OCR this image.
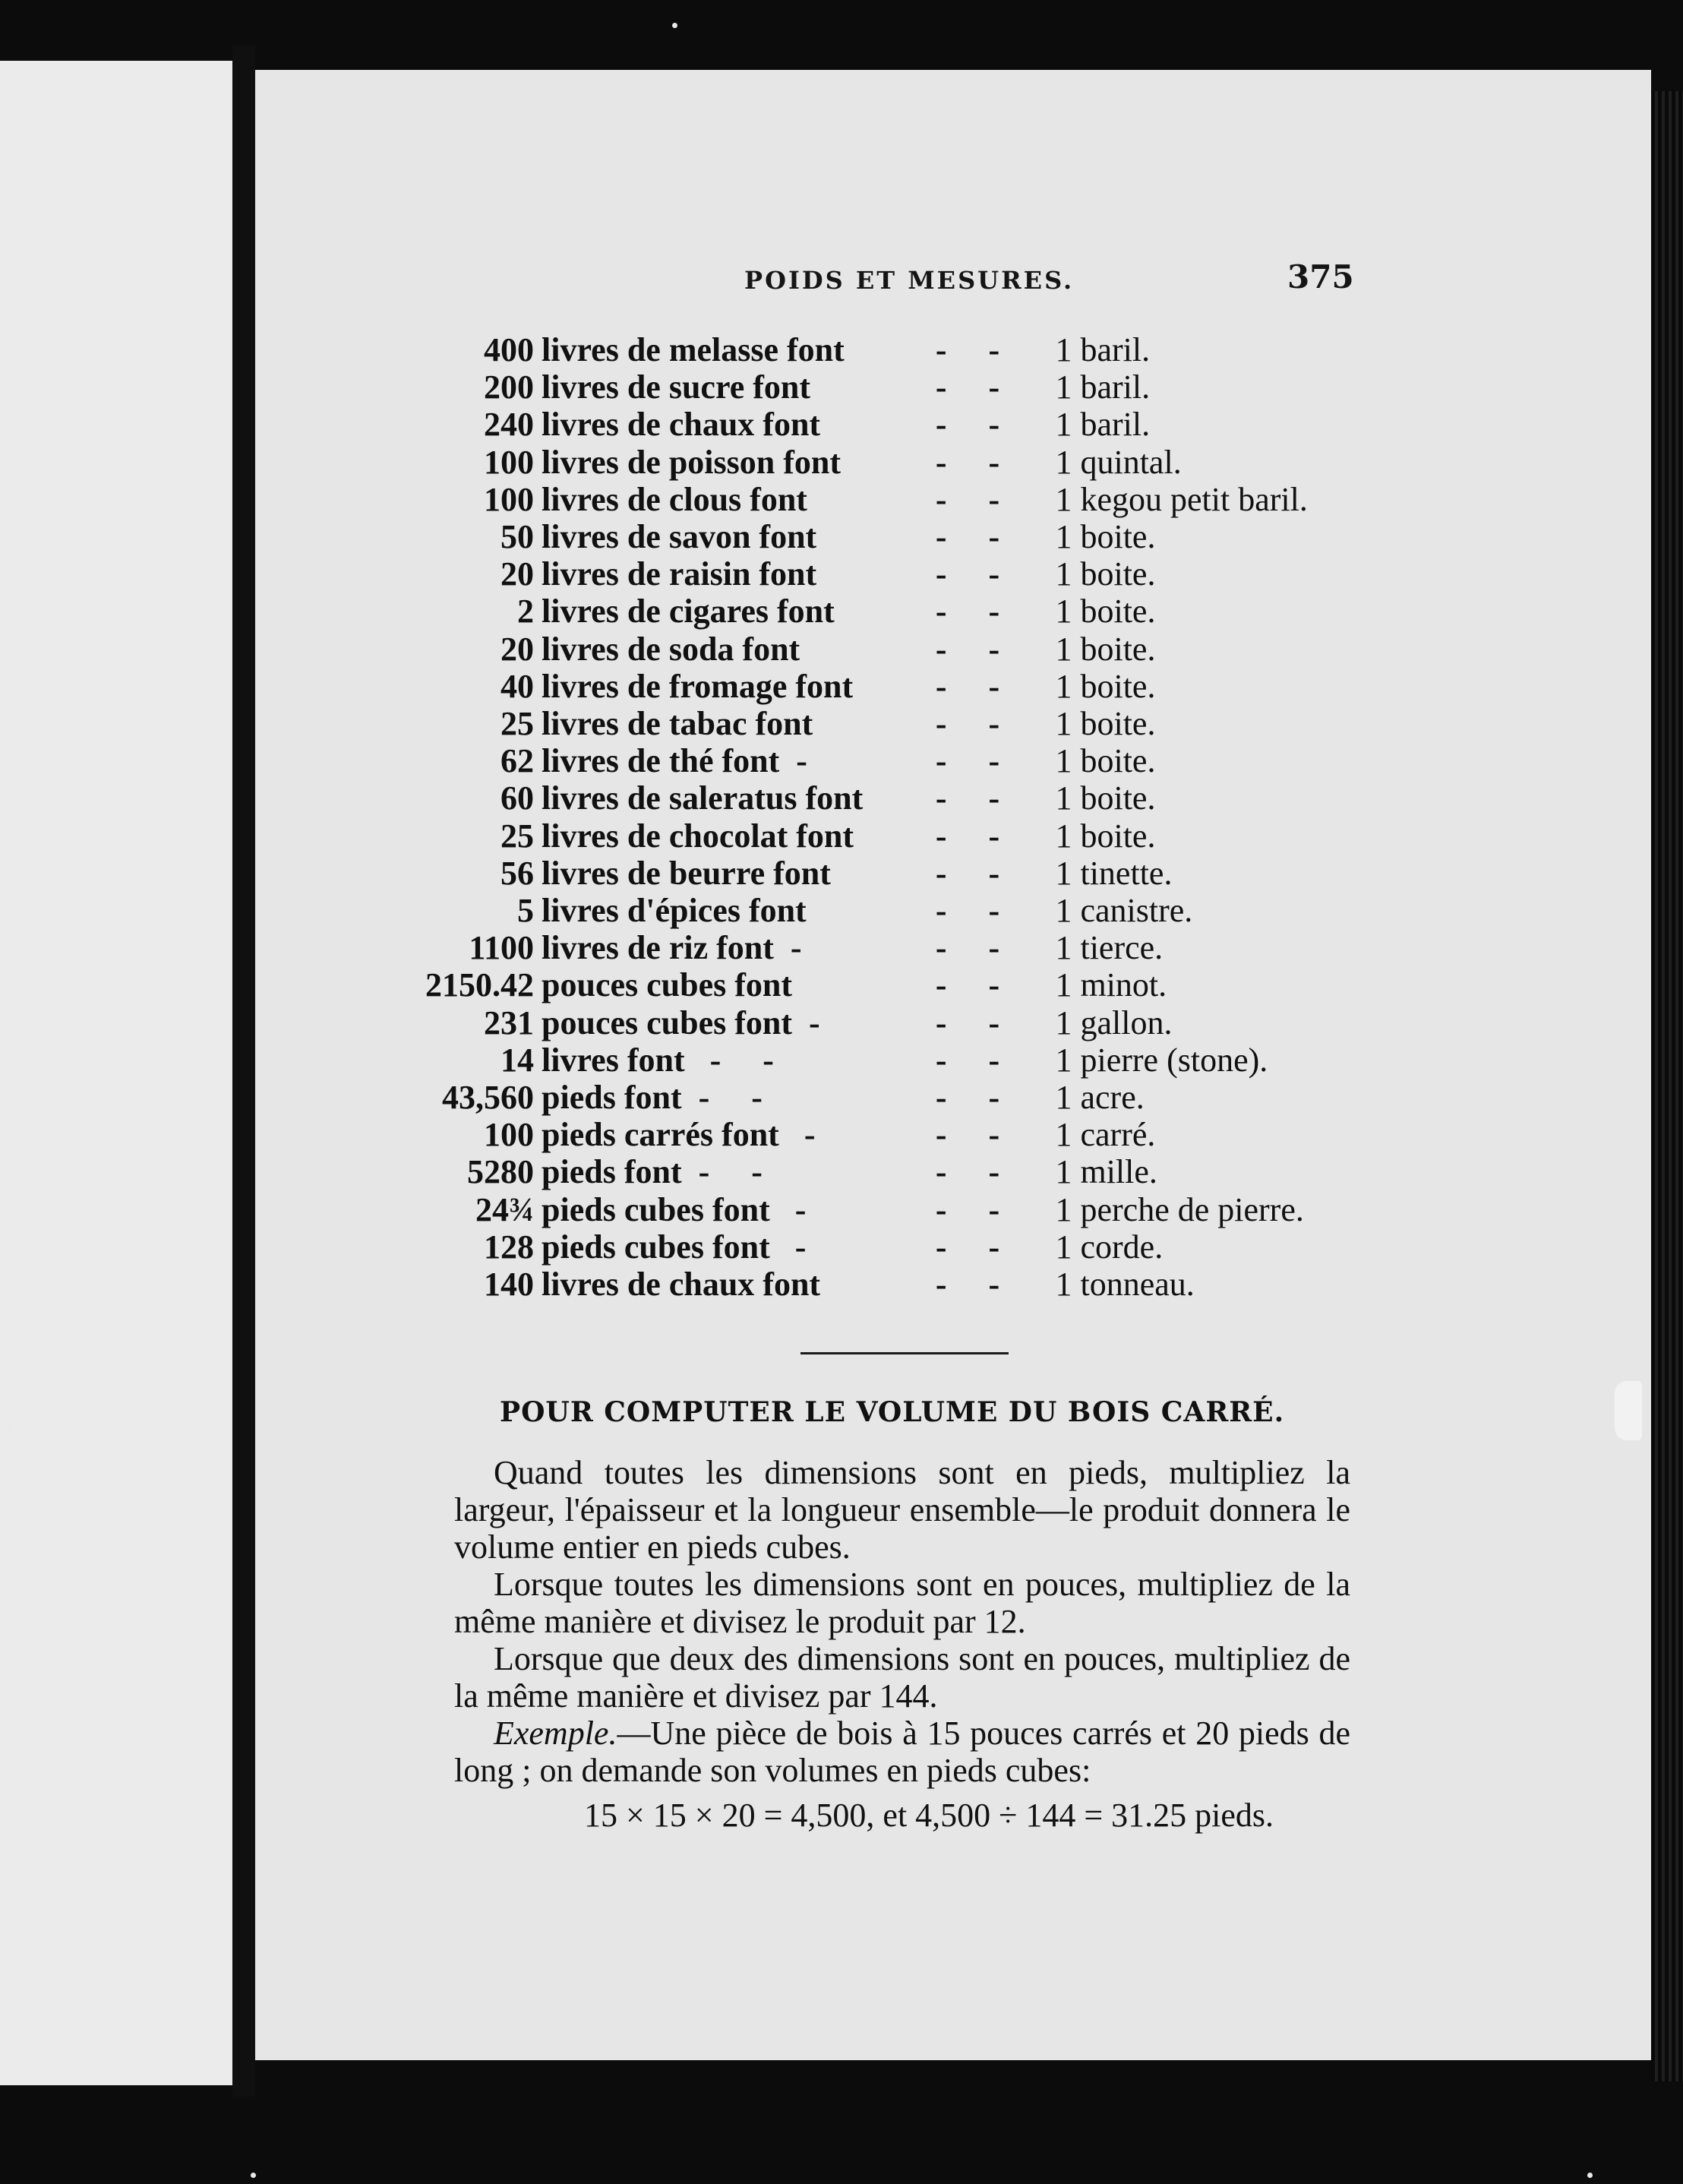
POIDS ET MESURES.	375
400	livres de melasse font	-     -	1 baril.
200	livres de sucre font	-     -	1 baril.
240	livres de chaux font	-     -	1 baril.
100	livres de poisson font	-     -	1 quintal.
100	livres de clous font	-     -	1 kegou petit baril.
50	livres de savon font	-     -	1 boite.
20	livres de raisin font	-     -	1 boite.
2	livres de cigares font	-     -	1 boite.
20	livres de soda font	-     -	1 boite.
40	livres de fromage font	-     -	1 boite.
25	livres de tabac font	-     -	1 boite.
62	livres de thé font  -	-     -	1 boite.
60	livres de saleratus font	-     -	1 boite.
25	livres de chocolat font	-     -	1 boite.
56	livres de beurre font	-     -	1 tinette.
5	livres d'épices font	-     -	1 canistre.
1100	livres de riz font  -	-     -	1 tierce.
2150.42	pouces cubes font	-     -	1 minot.
231	pouces cubes font  -	-     -	1 gallon.
14	livres font   -     -	-     -	1 pierre (stone).
43,560	pieds font  -     -	-     -	1 acre.
100	pieds carrés font   -	-     -	1 carré.
5280	pieds font  -     -	-     -	1 mille.
24¾	pieds cubes font   -	-     -	1 perche de pierre.
128	pieds cubes font   -	-     -	1 corde.
140	livres de chaux font	-     -	1 tonneau.
POUR COMPUTER LE VOLUME DU BOIS CARRÉ.

Quand toutes les dimensions sont en pieds, multipliez la largeur, l'épaisseur et la longueur ensemble—le produit donnera le volume entier en pieds cubes.

Lorsque toutes les dimensions sont en pouces, multipliez de la même manière et divisez le produit par 12.

Lorsque que deux des dimensions sont en pouces, multipliez de la même manière et divisez par 144.

Exemple.—Une pièce de bois à 15 pouces carrés et 20 pieds de long ; on demande son volumes en pieds cubes:

15 × 15 × 20 = 4,500, et 4,500 ÷ 144 = 31.25 pieds.
